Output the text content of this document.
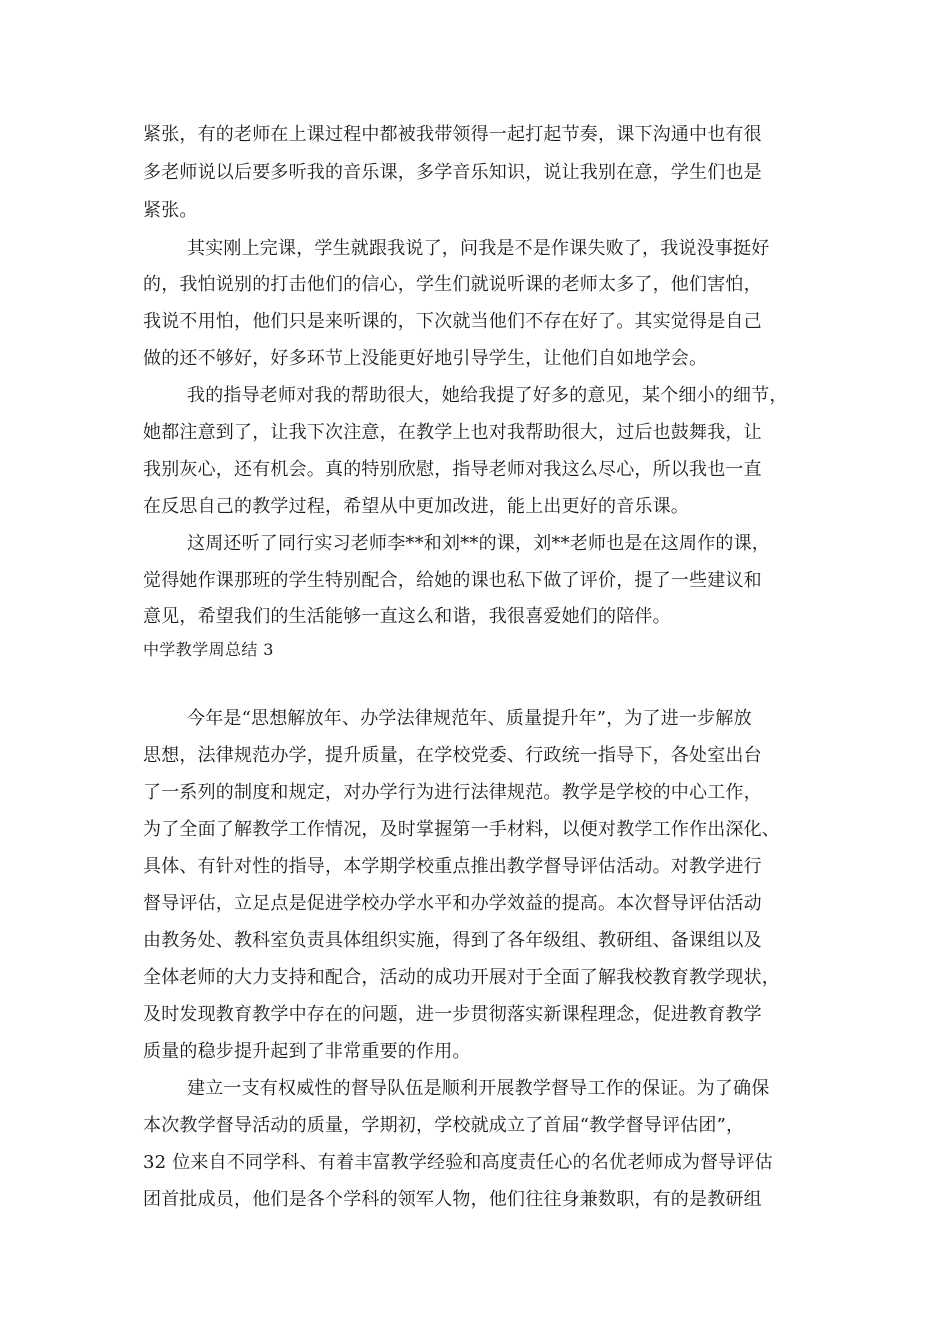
紧张，有的老师在上课过程中都被我带领得一起打起节奏，课下沟通中也有很
多老师说以后要多听我的音乐课，多学音乐知识，说让我别在意，学生们也是
紧张。
其实刚上完课，学生就跟我说了，问我是不是作课失败了，我说没事挺好
的，我怕说别的打击他们的信心，学生们就说听课的老师太多了，他们害怕，
我说不用怕，他们只是来听课的，下次就当他们不存在好了。其实觉得是自己
做的还不够好，好多环节上没能更好地引导学生，让他们自如地学会。
我的指导老师对我的帮助很大，她给我提了好多的意见，某个细小的细节，
她都注意到了，让我下次注意，在教学上也对我帮助很大，过后也鼓舞我，让
我别灰心，还有机会。真的特别欣慰，指导老师对我这么尽心，所以我也一直
在反思自己的教学过程，希望从中更加改进，能上出更好的音乐课。
这周还听了同行实习老师李**和刘**的课，刘**老师也是在这周作的课，
觉得她作课那班的学生特别配合，给她的课也私下做了评价，提了一些建议和
意见，希望我们的生活能够一直这么和谐，我很喜爱她们的陪伴。
中学教学周总结 3
今年是“思想解放年、办学法律规范年、质量提升年”，为了进一步解放
思想，法律规范办学，提升质量，在学校党委、行政统一指导下，各处室出台
了一系列的制度和规定，对办学行为进行法律规范。教学是学校的中心工作，
为了全面了解教学工作情况，及时掌握第一手材料，以便对教学工作作出深化、
具体、有针对性的指导，本学期学校重点推出教学督导评估活动。对教学进行
督导评估，立足点是促进学校办学水平和办学效益的提高。本次督导评估活动
由教务处、教科室负责具体组织实施，得到了各年级组、教研组、备课组以及
全体老师的大力支持和配合，活动的成功开展对于全面了解我校教育教学现状，
及时发现教育教学中存在的问题，进一步贯彻落实新课程理念，促进教育教学
质量的稳步提升起到了非常重要的作用。
建立一支有权威性的督导队伍是顺利开展教学督导工作的保证。为了确保
本次教学督导活动的质量，学期初，学校就成立了首届“教学督导评估团”，
32 位来自不同学科、有着丰富教学经验和高度责任心的名优老师成为督导评估
团首批成员，他们是各个学科的领军人物，他们往往身兼数职，有的是教研组
